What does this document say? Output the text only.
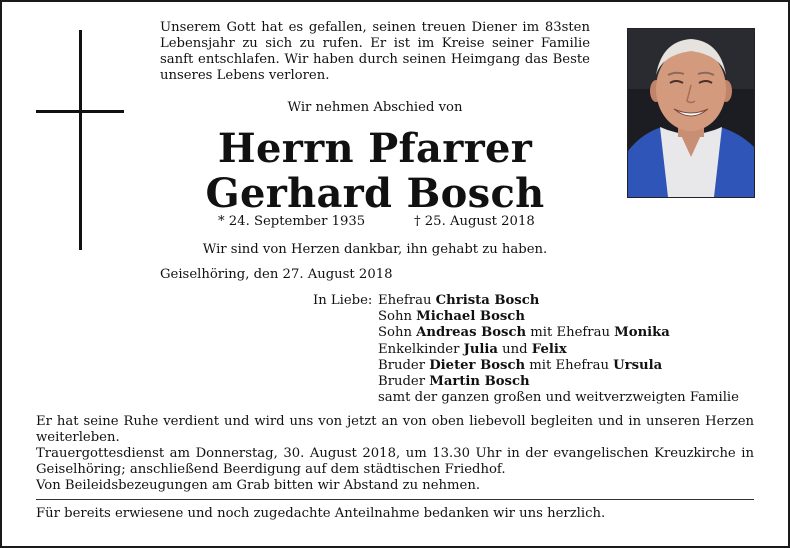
Unserem Gott hat es gefallen, seinen treuen Diener im 83sten Lebensjahr zu sich zu rufen. Er ist im Kreise seiner Familie sanft entschlafen. Wir haben durch seinen Heimgang das Beste unseres Lebens verloren.

Wir nehmen Abschied von

Herrn Pfarrer
Gerhard Bosch
* 24. September 1935	† 25. August 2018

Wir sind von Herzen dankbar, ihn gehabt zu haben.

Geiselhöring, den 27. August 2018

In Liebe: Ehefrau Christa Bosch
Sohn Michael Bosch
Sohn Andreas Bosch mit Ehefrau Monika
Enkelkinder Julia und Felix
Bruder Dieter Bosch mit Ehefrau Ursula
Bruder Martin Bosch
samt der ganzen großen und weitverzweigten Familie

Er hat seine Ruhe verdient und wird uns von jetzt an von oben liebevoll begleiten und in unseren Herzen weiterleben.

Trauergottesdienst am Donnerstag, 30. August 2018, um 13.30 Uhr in der evangelischen Kreuzkirche in Geiselhöring; anschließend Beerdigung auf dem städtischen Friedhof.

Von Beileidsbezeugungen am Grab bitten wir Abstand zu nehmen.

Für bereits erwiesene und noch zugedachte Anteilnahme bedanken wir uns herzlich.
